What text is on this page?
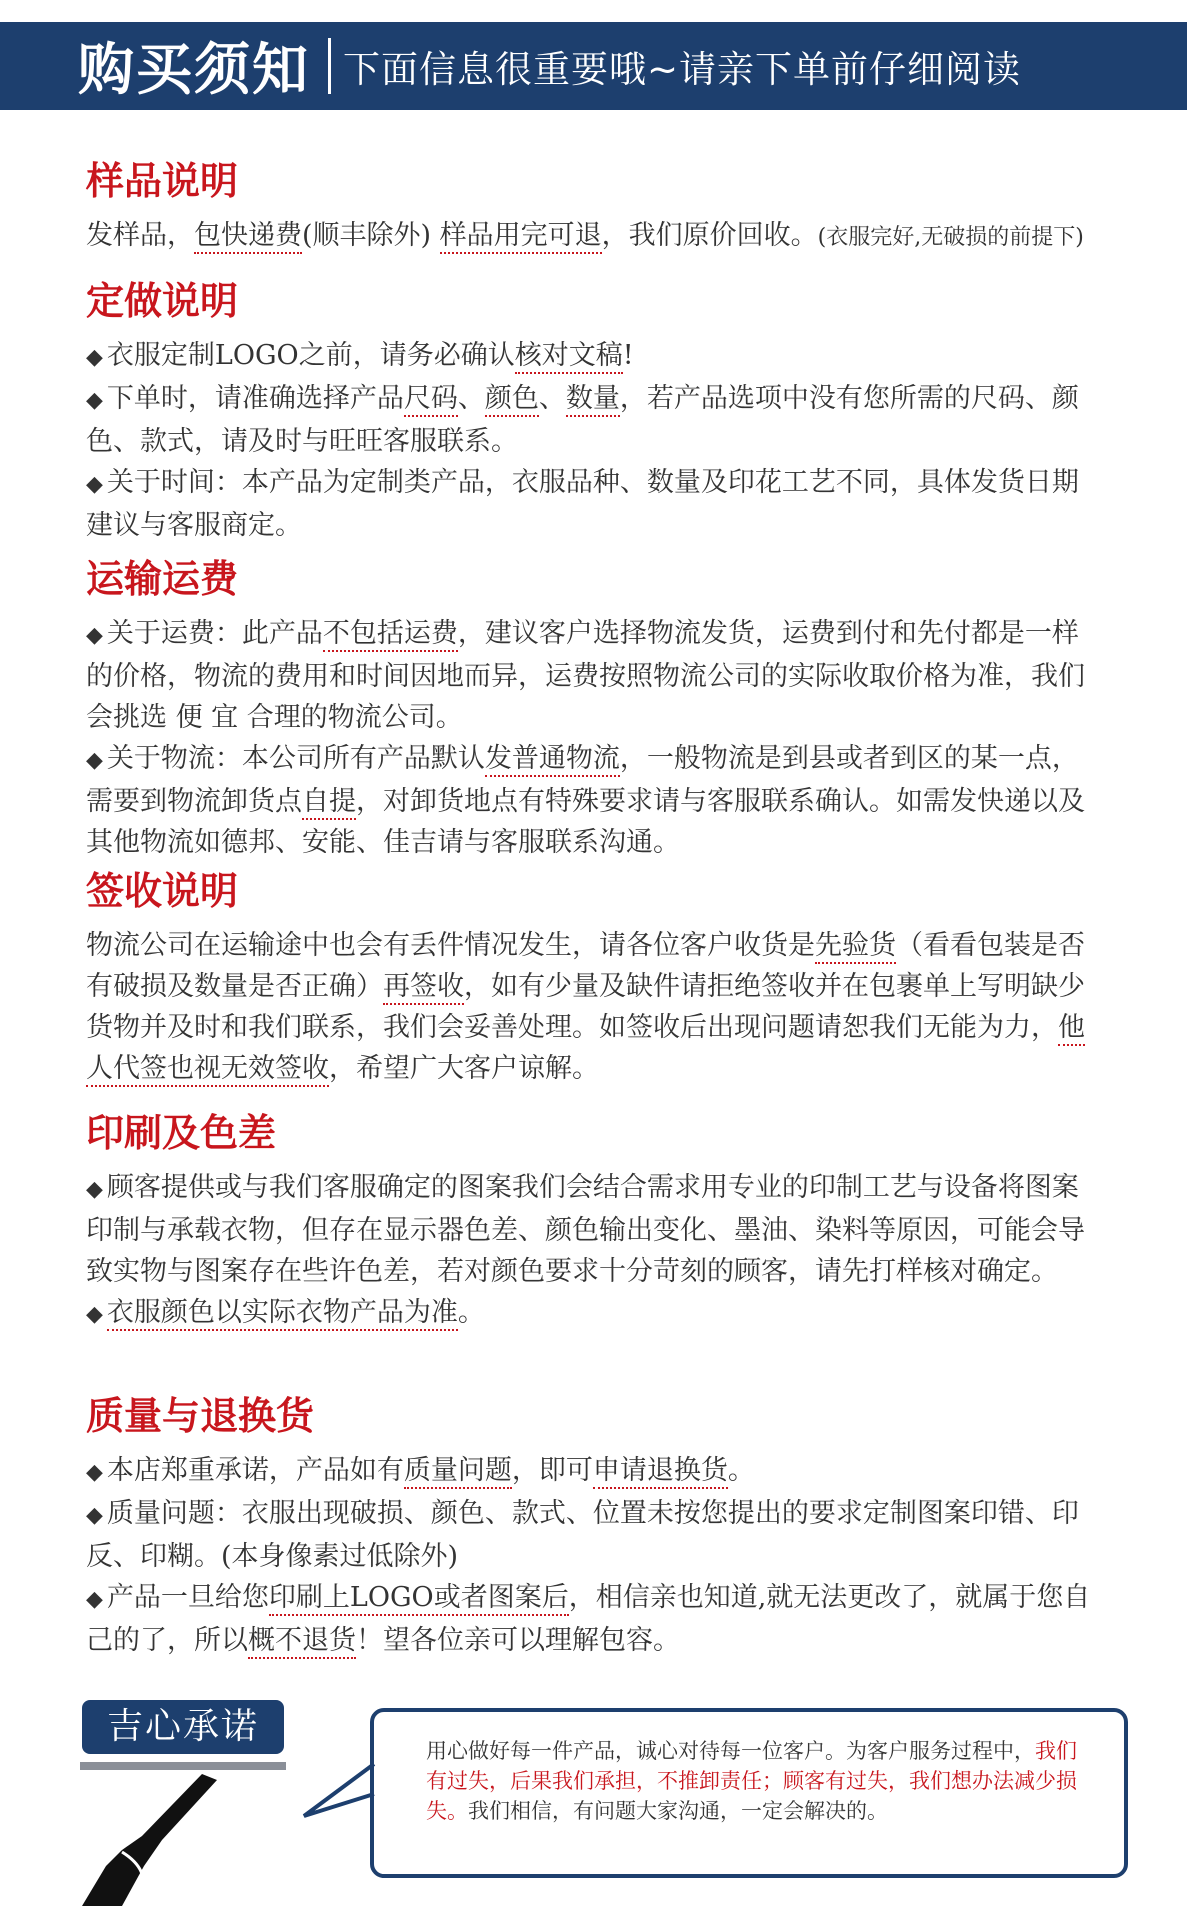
购买须知 下面信息很重要哦~请亲下单前仔细阅读
样品说明

发样品，包快递费(顺丰除外) 样品用完可退，我们原价回收。(衣服完好,无破损的前提下)

定做说明

◆ 衣服定制LOGO之前，请务必确认核对文稿!

◆ 下单时，请准确选择产品尺码、颜色、数量，若产品选项中没有您所需的尺码、颜色、款式，请及时与旺旺客服联系。

◆ 关于时间：本产品为定制类产品，衣服品种、数量及印花工艺不同，具体发货日期建议与客服商定。

运输运费

◆ 关于运费：此产品不包括运费，建议客户选择物流发货，运费到付和先付都是一样的价格，物流的费用和时间因地而异，运费按照物流公司的实际收取价格为准，我们会挑选 便 宜 合理的物流公司。

◆ 关于物流：本公司所有产品默认发普通物流，一般物流是到县或者到区的某一点，需要到物流卸货点自提，对卸货地点有特殊要求请与客服联系确认。如需发快递以及其他物流如德邦、安能、佳吉请与客服联系沟通。

签收说明

物流公司在运输途中也会有丢件情况发生，请各位客户收货是先验货（看看包装是否有破损及数量是否正确）再签收，如有少量及缺件请拒绝签收并在包裹单上写明缺少货物并及时和我们联系，我们会妥善处理。如签收后出现问题请恕我们无能为力，他人代签也视无效签收，希望广大客户谅解。

印刷及色差

◆ 顾客提供或与我们客服确定的图案我们会结合需求用专业的印制工艺与设备将图案印制与承载衣物，但存在显示器色差、颜色输出变化、墨油、染料等原因，可能会导致实物与图案存在些许色差，若对颜色要求十分苛刻的顾客，请先打样核对确定。

◆ 衣服颜色以实际衣物产品为准。

质量与退换货

◆ 本店郑重承诺，产品如有质量问题，即可申请退换货。

◆ 质量问题：衣服出现破损、颜色、款式、位置未按您提出的要求定制图案印错、印反、印糊。(本身像素过低除外)

◆ 产品一旦给您印刷上LOGO或者图案后，相信亲也知道,就无法更改了，就属于您自己的了，所以概不退货！望各位亲可以理解包容。

吉心承诺
用心做好每一件产品，诚心对待每一位客户。为客户服务过程中，我们有过失，后果我们承担，不推卸责任；顾客有过失，我们想办法减少损失。我们相信，有问题大家沟通，一定会解决的。
